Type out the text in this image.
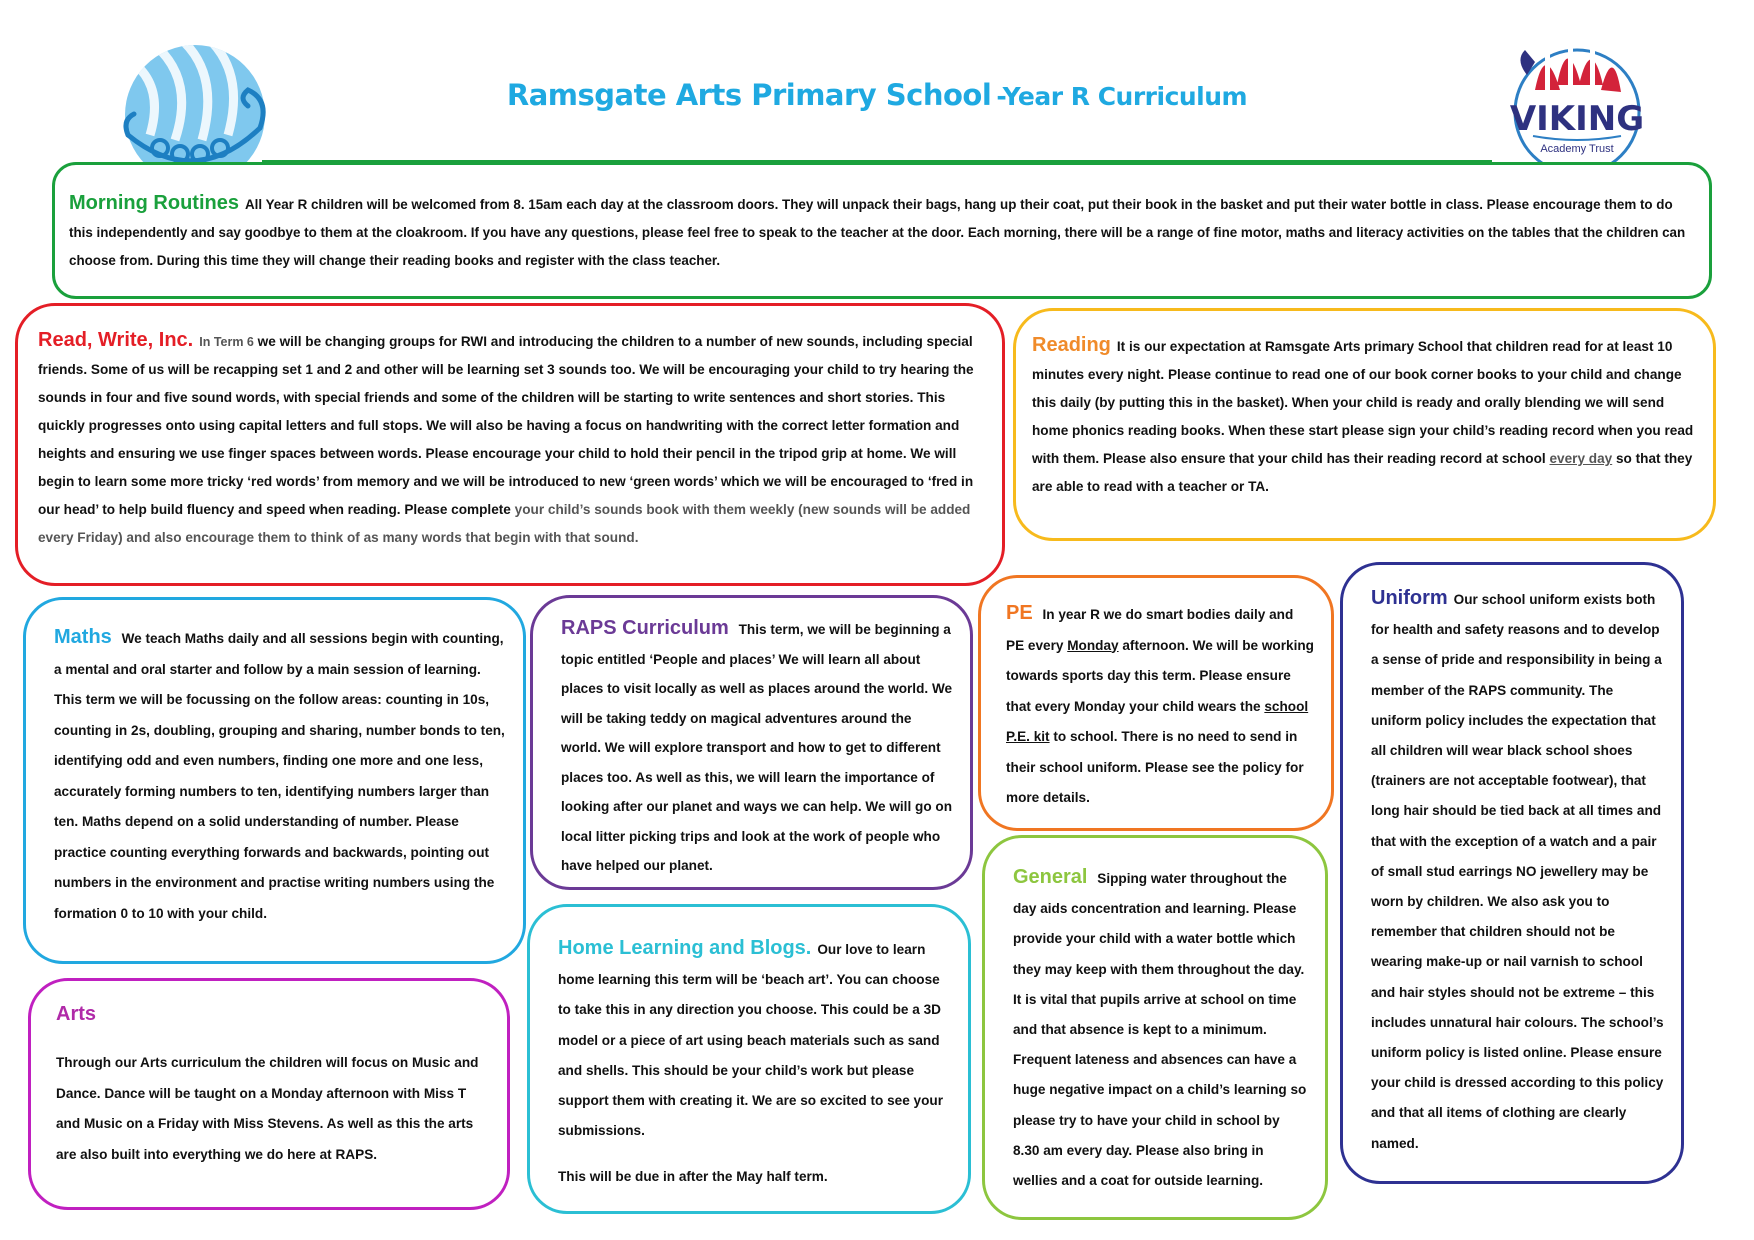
Ramsgate Arts Primary School -Year R Curriculum
VIKING
Academy Trust

Morning Routines All Year R children will be welcomed from 8. 15am each day at the classroom doors. They will unpack their bags, hang up their coat, put their book in the basket and put their water bottle in class. Please encourage them to do this independently and say goodbye to them at the cloakroom. If you have any questions, please feel free to speak to the teacher at the door. Each morning, there will be a range of fine motor, maths and literacy activities on the tables that the children can choose from. During this time they will change their reading books and register with the class teacher.

Read, Write, Inc. In Term 6 we will be changing groups for RWI and introducing the children to a number of new sounds, including special friends. Some of us will be recapping set 1 and 2 and other will be learning set 3 sounds too. We will be encouraging your child to try hearing the sounds in four and five sound words, with special friends and some of the children will be starting to write sentences and short stories. This quickly progresses onto using capital letters and full stops. We will also be having a focus on handwriting with the correct letter formation and heights and ensuring we use finger spaces between words. Please encourage your child to hold their pencil in the tripod grip at home. We will begin to learn some more tricky ‘red words’ from memory and we will be introduced to new ‘green words’ which we will be encouraged to ‘fred in our head’ to help build fluency and speed when reading. Please complete your child’s sounds book with them weekly (new sounds will be added every Friday) and also encourage them to think of as many words that begin with that sound.

Reading It is our expectation at Ramsgate Arts primary School that children read for at least 10 minutes every night. Please continue to read one of our book corner books to your child and change this daily (by putting this in the basket). When your child is ready and orally blending we will send home phonics reading books. When these start please sign your child’s reading record when you read with them. Please also ensure that your child has their reading record at school every day so that they are able to read with a teacher or TA.

Maths We teach Maths daily and all sessions begin with counting, a mental and oral starter and follow by a main session of learning. This term we will be focussing on the follow areas: counting in 10s, counting in 2s, doubling, grouping and sharing, number bonds to ten, identifying odd and even numbers, finding one more and one less, accurately forming numbers to ten, identifying numbers larger than ten. Maths depend on a solid understanding of number. Please practice counting everything forwards and backwards, pointing out numbers in the environment and practise writing numbers using the formation 0 to 10 with your child.

RAPS Curriculum This term, we will be beginning a topic entitled ‘People and places’ We will learn all about places to visit locally as well as places around the world. We will be taking teddy on magical adventures around the world. We will explore transport and how to get to different places too. As well as this, we will learn the importance of looking after our planet and ways we can help. We will go on local litter picking trips and look at the work of people who have helped our planet.

PE In year R we do smart bodies daily and PE every Monday afternoon. We will be working towards sports day this term. Please ensure that every Monday your child wears the school P.E. kit to school. There is no need to send in their school uniform. Please see the policy for more details.

Uniform Our school uniform exists both for health and safety reasons and to develop a sense of pride and responsibility in being a member of the RAPS community. The uniform policy includes the expectation that all children will wear black school shoes (trainers are not acceptable footwear), that long hair should be tied back at all times and that with the exception of a watch and a pair of small stud earrings NO jewellery may be worn by children. We also ask you to remember that children should not be wearing make-up or nail varnish to school and hair styles should not be extreme – this includes unnatural hair colours. The school’s uniform policy is listed online. Please ensure your child is dressed according to this policy and that all items of clothing are clearly named.

Arts

Through our Arts curriculum the children will focus on Music and Dance. Dance will be taught on a Monday afternoon with Miss T and Music on a Friday with Miss Stevens. As well as this the arts are also built into everything we do here at RAPS.

Home Learning and Blogs. Our love to learn home learning this term will be ‘beach art’. You can choose to take this in any direction you choose. This could be a 3D model or a piece of art using beach materials such as sand and shells. This should be your child’s work but please support them with creating it. We are so excited to see your submissions.

This will be due in after the May half term.

General Sipping water throughout the day aids concentration and learning. Please provide your child with a water bottle which they may keep with them throughout the day. It is vital that pupils arrive at school on time and that absence is kept to a minimum. Frequent lateness and absences can have a huge negative impact on a child’s learning so please try to have your child in school by 8.30 am every day. Please also bring in wellies and a coat for outside learning.
